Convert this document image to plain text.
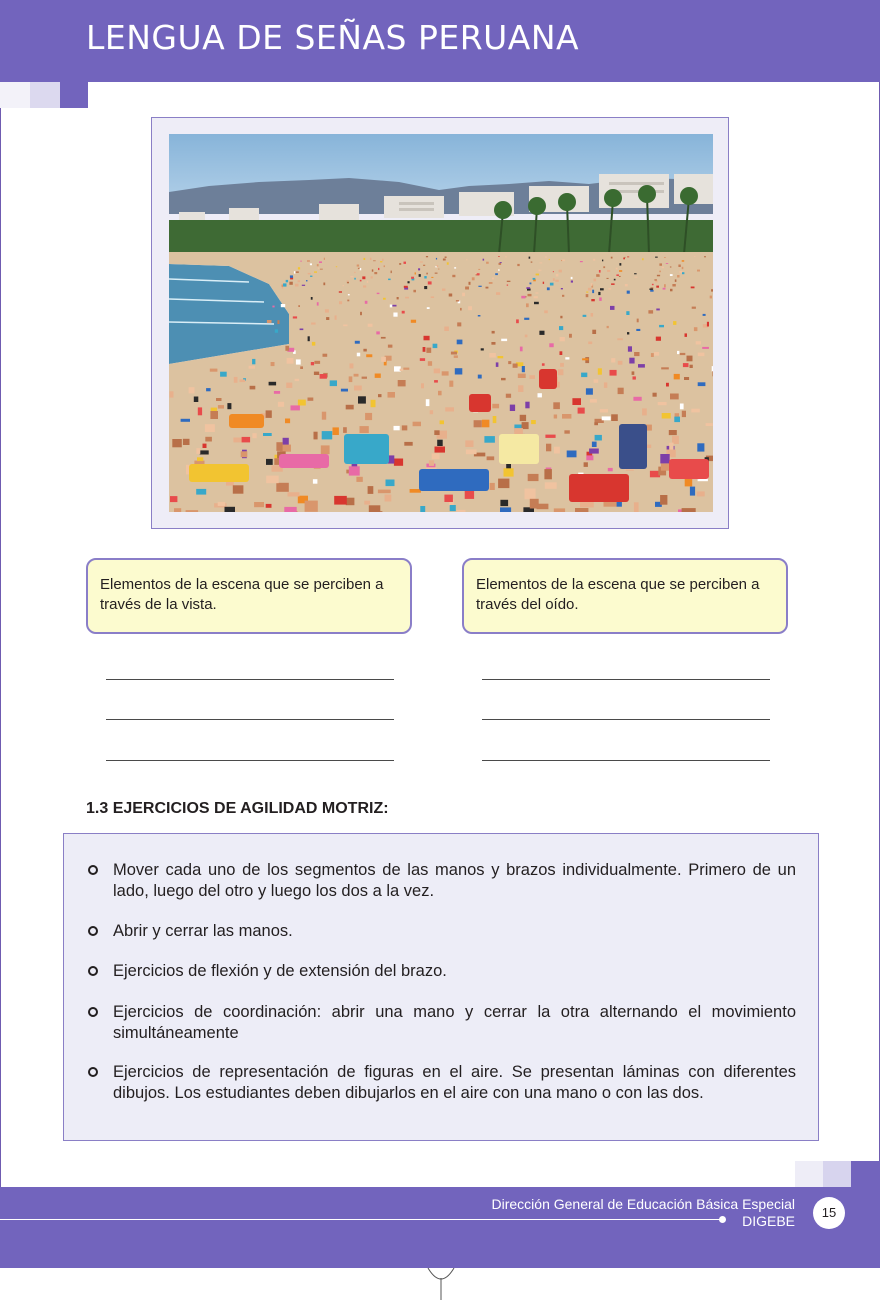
LENGUA DE SEÑAS PERUANA
Elementos de la escena que se perciben a través de la vista.
Elementos de la escena que se perciben a través del oído.
1.3 EJERCICIOS DE AGILIDAD MOTRIZ:
Mover cada uno de los segmentos de las manos y brazos individualmente. Primero de un lado, luego del otro y luego los dos a la vez.
Abrir y cerrar las manos.
Ejercicios de flexión y de extensión del brazo.
Ejercicios de coordinación: abrir una mano y cerrar la otra alternando el movimiento simultáneamente
Ejercicios de representación de figuras en el aire. Se presentan láminas con diferentes dibujos. Los estudiantes deben dibujarlos en el aire con una mano o con las dos.
Dirección General de Educación Básica Especial
DIGEBE
15
